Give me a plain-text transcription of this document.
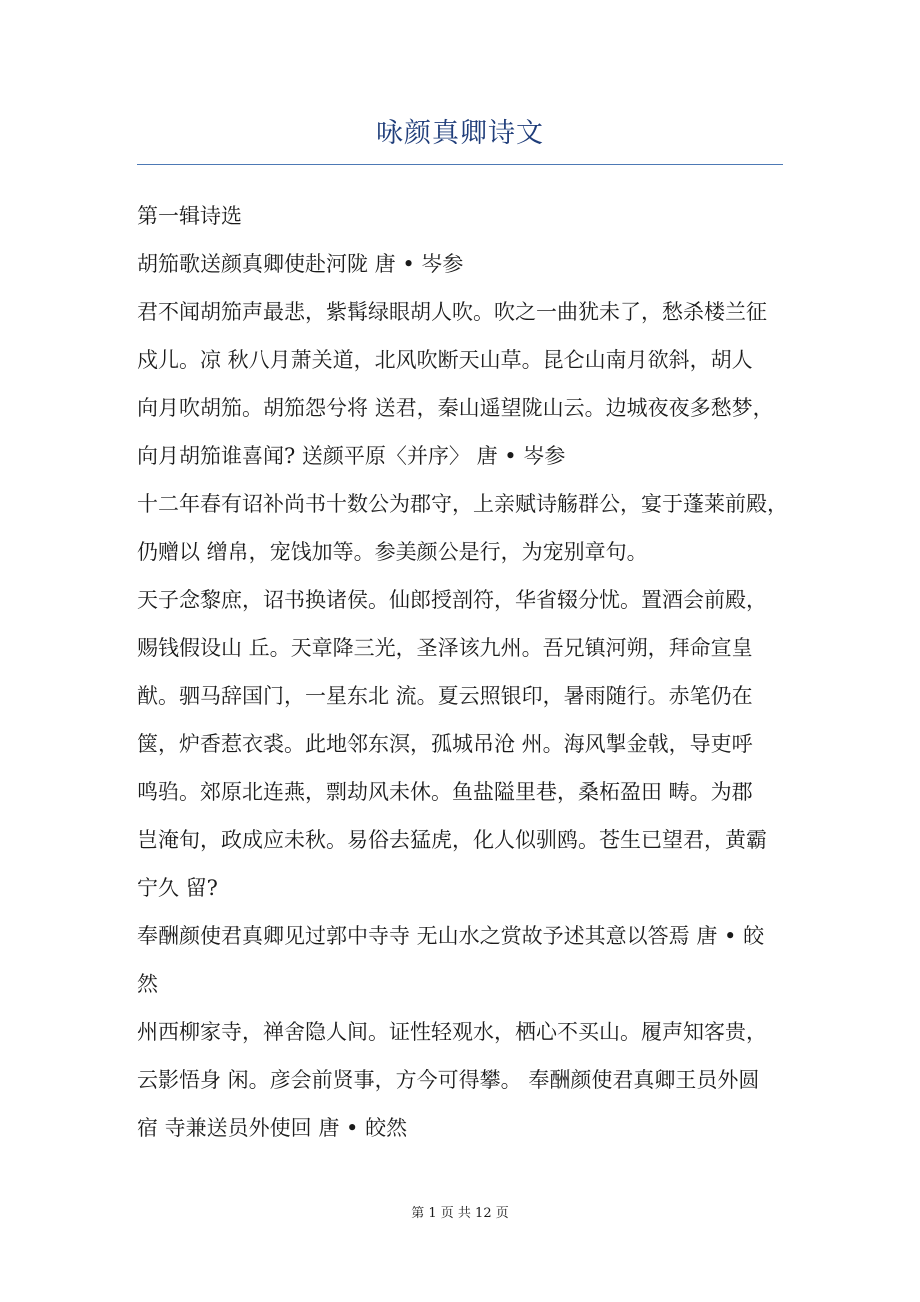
咏颜真卿诗文
第一辑诗选
胡笳歌送颜真卿使赴河陇 唐 • 岑参
君不闻胡笳声最悲，紫髯绿眼胡人吹。吹之一曲犹未了，愁杀楼兰征
戍儿。凉 秋八月萧关道，北风吹断天山草。昆仑山南月欲斜，胡人
向月吹胡笳。胡笳怨兮将 送君，秦山遥望陇山云。边城夜夜多愁梦，
向月胡笳谁喜闻? 送颜平原〈并序〉 唐 • 岑参
十二年春有诏补尚书十数公为郡守，上亲赋诗觞群公，宴于蓬莱前殿，
仍赠以 缯帛，宠饯加等。参美颜公是行，为宠别章句。
天子念黎庶，诏书换诸侯。仙郎授剖符，华省辍分忧。置酒会前殿，
赐钱假设山 丘。天章降三光，圣泽该九州。吾兄镇河朔，拜命宣皇
猷。驷马辞国门，一星东北 流。夏云照银印，暑雨随行。赤笔仍在
箧，炉香惹衣裘。此地邻东溟，孤城吊沧 州。海风掣金戟，导吏呼
鸣驺。郊原北连燕，剽劫风未休。鱼盐隘里巷，桑柘盈田 畴。为郡
岂淹旬，政成应未秋。易俗去猛虎，化人似驯鸥。苍生已望君，黄霸
宁久 留?
奉酬颜使君真卿见过郭中寺寺 无山水之赏故予述其意以答焉 唐 • 皎
然
州西柳家寺，禅舍隐人间。证性轻观水，栖心不买山。履声知客贵，
云影悟身 闲。彦会前贤事，方今可得攀。 奉酬颜使君真卿王员外圆
宿 寺兼送员外使回 唐 • 皎然
第 1 页 共 12 页
